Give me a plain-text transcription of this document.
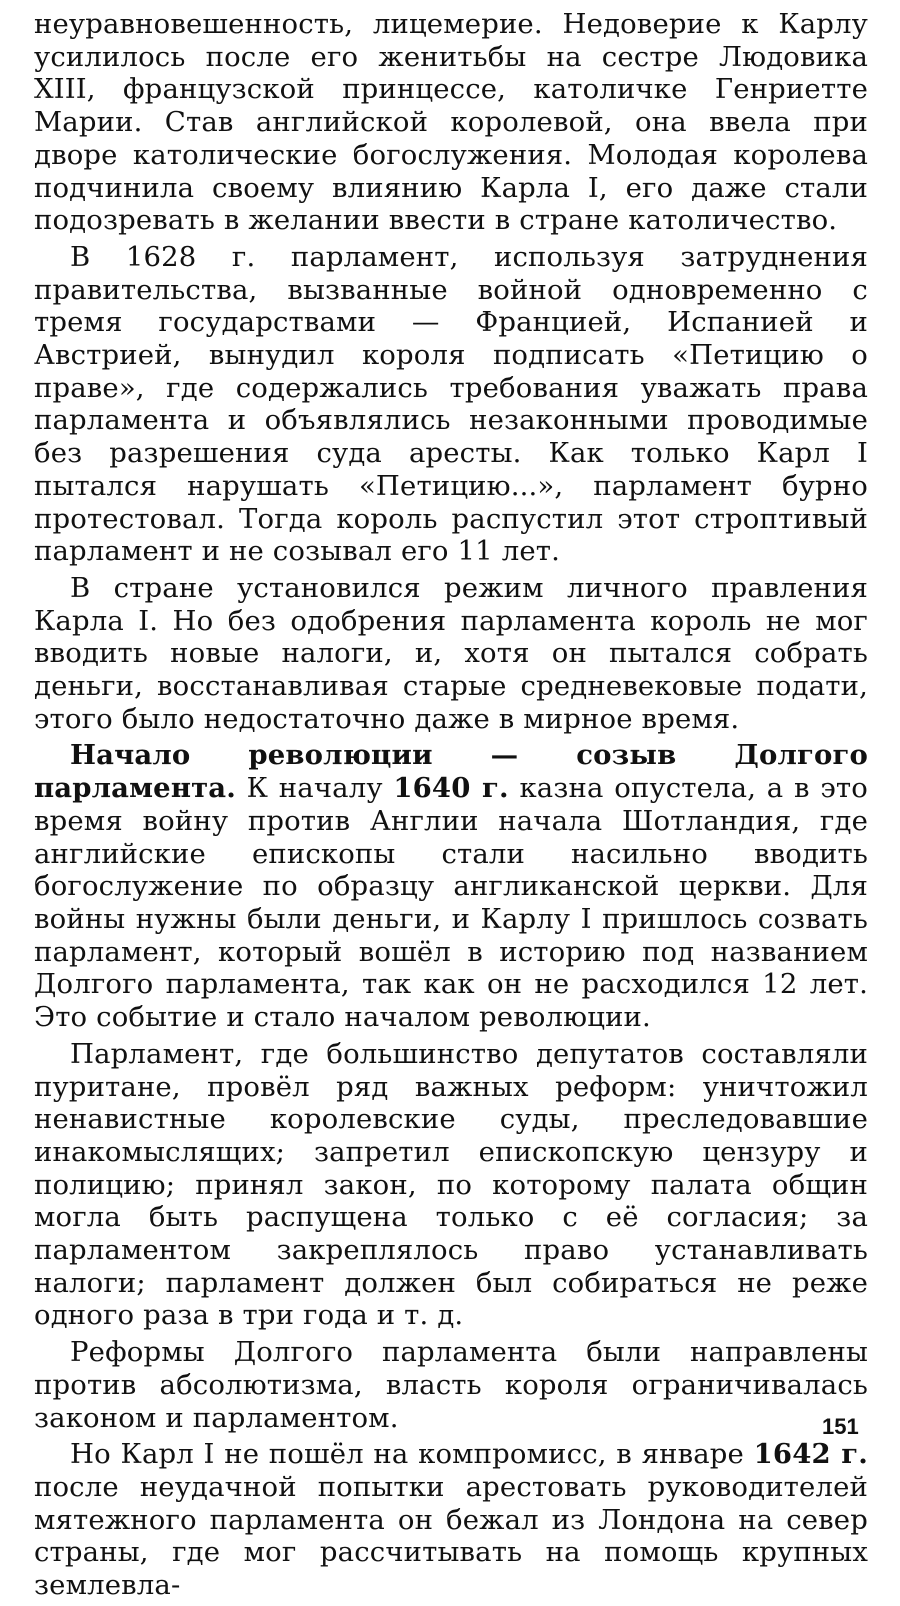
неуравновешенность, лицемерие. Недоверие к Карлу усилилось после его женитьбы на сестре Людовика XIII, французской принцессе, католичке Генриетте Марии. Став английской королевой, она ввела при дворе католические богослужения. Молодая королева подчинила своему влиянию Карла I, его даже стали подозревать в желании ввести в стране католичество.

В 1628 г. парламент, используя затруднения правительства, вызванные войной одновременно с тремя государствами — Францией, Испанией и Австрией, вынудил короля подписать «Петицию о праве», где содержались требования уважать права парламента и объявлялись незаконными проводимые без разрешения суда аресты. Как только Карл I пытался нарушать «Петицию...», парламент бурно протестовал. Тогда король распустил этот строптивый парламент и не созывал его 11 лет.

В стране установился режим личного правления Карла I. Но без одобрения парламента король не мог вводить новые налоги, и, хотя он пытался собрать деньги, восстанавливая старые средневековые подати, этого было недостаточно даже в мирное время.

Начало революции — созыв Долгого парламента. К началу 1640 г. казна опустела, а в это время войну против Англии начала Шотландия, где английские епископы стали насильно вводить богослужение по образцу англиканской церкви. Для войны нужны были деньги, и Карлу I пришлось созвать парламент, который вошёл в историю под названием Долгого парламента, так как он не расходился 12 лет. Это событие и стало началом революции.

Парламент, где большинство депутатов составляли пуритане, провёл ряд важных реформ: уничтожил ненавистные королевские суды, преследовавшие инакомыслящих; запретил епископскую цензуру и полицию; принял закон, по которому палата общин могла быть распущена только с её согласия; за парламентом закреплялось право устанавливать налоги; парламент должен был собираться не реже одного раза в три года и т. д.

Реформы Долгого парламента были направлены против абсолютизма, власть короля ограничивалась законом и парламентом.

Но Карл I не пошёл на компромисс, в январе 1642 г. после неудачной попытки арестовать руководителей мятежного парламента он бежал из Лондона на север страны, где мог рассчитывать на помощь крупных землевла-

151
